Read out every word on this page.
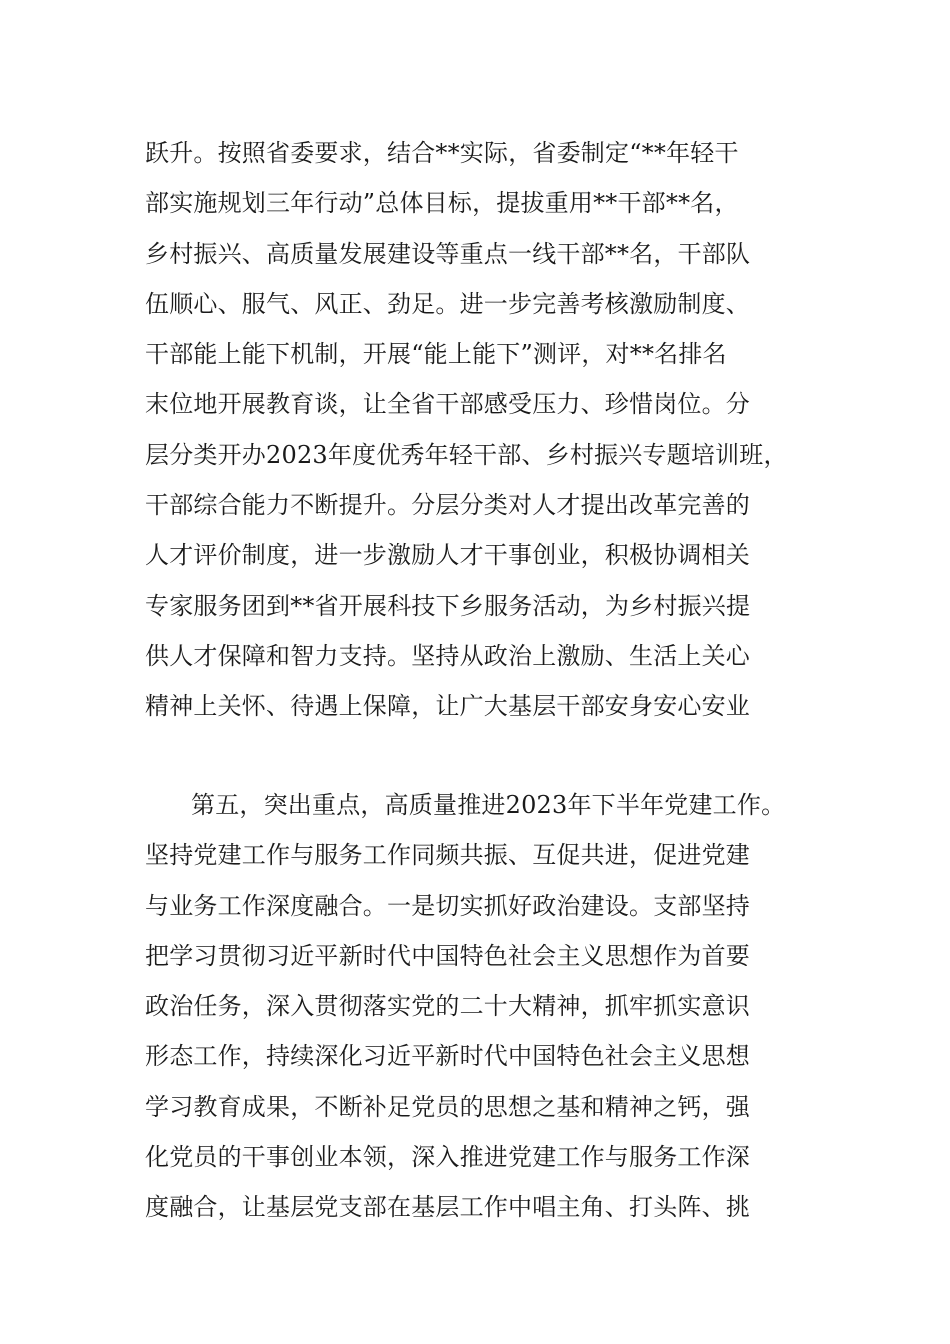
跃升。按照省委要求，结合**实际，省委制定“**年轻干
部实施规划三年行动”总体目标，提拔重用**干部**名，
乡村振兴、高质量发展建设等重点一线干部**名，干部队
伍顺心、服气、风正、劲足。进一步完善考核激励制度、
干部能上能下机制，开展“能上能下”测评，对**名排名
末位地开展教育谈，让全省干部感受压力、珍惜岗位。分
层分类开办2023年度优秀年轻干部、乡村振兴专题培训班，
干部综合能力不断提升。分层分类对人才提出改革完善的
人才评价制度，进一步激励人才干事创业，积极协调相关
专家服务团到**省开展科技下乡服务活动，为乡村振兴提
供人才保障和智力支持。坚持从政治上激励、生活上关心
精神上关怀、待遇上保障，让广大基层干部安身安心安业
第五，突出重点，高质量推进2023年下半年党建工作。
坚持党建工作与服务工作同频共振、互促共进，促进党建
与业务工作深度融合。一是切实抓好政治建设。支部坚持
把学习贯彻习近平新时代中国特色社会主义思想作为首要
政治任务，深入贯彻落实党的二十大精神，抓牢抓实意识
形态工作，持续深化习近平新时代中国特色社会主义思想
学习教育成果，不断补足党员的思想之基和精神之钙，强
化党员的干事创业本领，深入推进党建工作与服务工作深
度融合，让基层党支部在基层工作中唱主角、打头阵、挑
